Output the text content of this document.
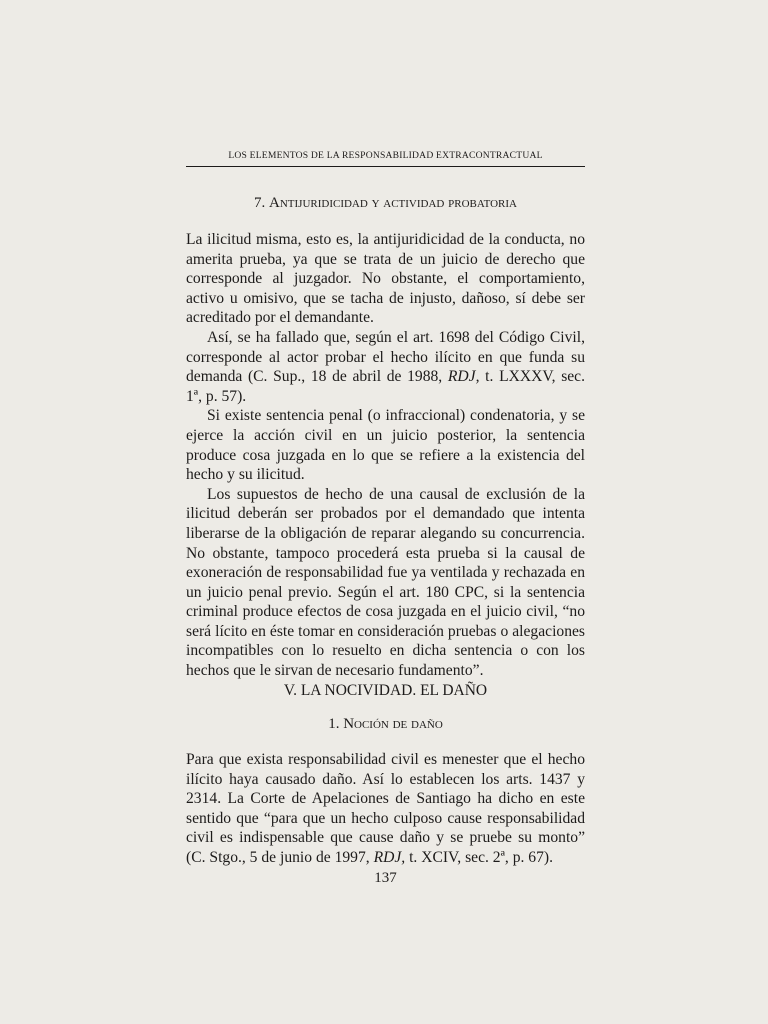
LOS ELEMENTOS DE LA RESPONSABILIDAD EXTRACONTRACTUAL
7. Antijuridicidad y actividad probatoria

La ilicitud misma, esto es, la antijuridicidad de la conducta, no amerita prueba, ya que se trata de un juicio de derecho que corresponde al juzgador. No obstante, el comportamiento, activo u omisivo, que se tacha de injusto, dañoso, sí debe ser acreditado por el demandante.

Así, se ha fallado que, según el art. 1698 del Código Civil, corresponde al actor probar el hecho ilícito en que funda su demanda (C. Sup., 18 de abril de 1988, RDJ, t. LXXXV, sec. 1ª, p. 57).

Si existe sentencia penal (o infraccional) condenatoria, y se ejerce la acción civil en un juicio posterior, la sentencia produce cosa juzgada en lo que se refiere a la existencia del hecho y su ilicitud.

Los supuestos de hecho de una causal de exclusión de la ilicitud deberán ser probados por el demandado que intenta liberarse de la obligación de reparar alegando su concurrencia. No obstante, tampoco procederá esta prueba si la causal de exoneración de responsabilidad fue ya ventilada y rechazada en un juicio penal previo. Según el art. 180 CPC, si la sentencia criminal produce efectos de cosa juzgada en el juicio civil, “no será lícito en éste tomar en consideración pruebas o alegaciones incompatibles con lo resuelto en dicha sentencia o con los hechos que le sirvan de necesario fundamento”.

V. LA NOCIVIDAD. EL DAÑO
1. Noción de daño

Para que exista responsabilidad civil es menester que el hecho ilícito haya causado daño. Así lo establecen los arts. 1437 y 2314. La Corte de Apelaciones de Santiago ha dicho en este sentido que “para que un hecho culposo cause responsabilidad civil es indispensable que cause daño y se pruebe su monto” (C. Stgo., 5 de junio de 1997, RDJ, t. XCIV, sec. 2ª, p. 67).

137
